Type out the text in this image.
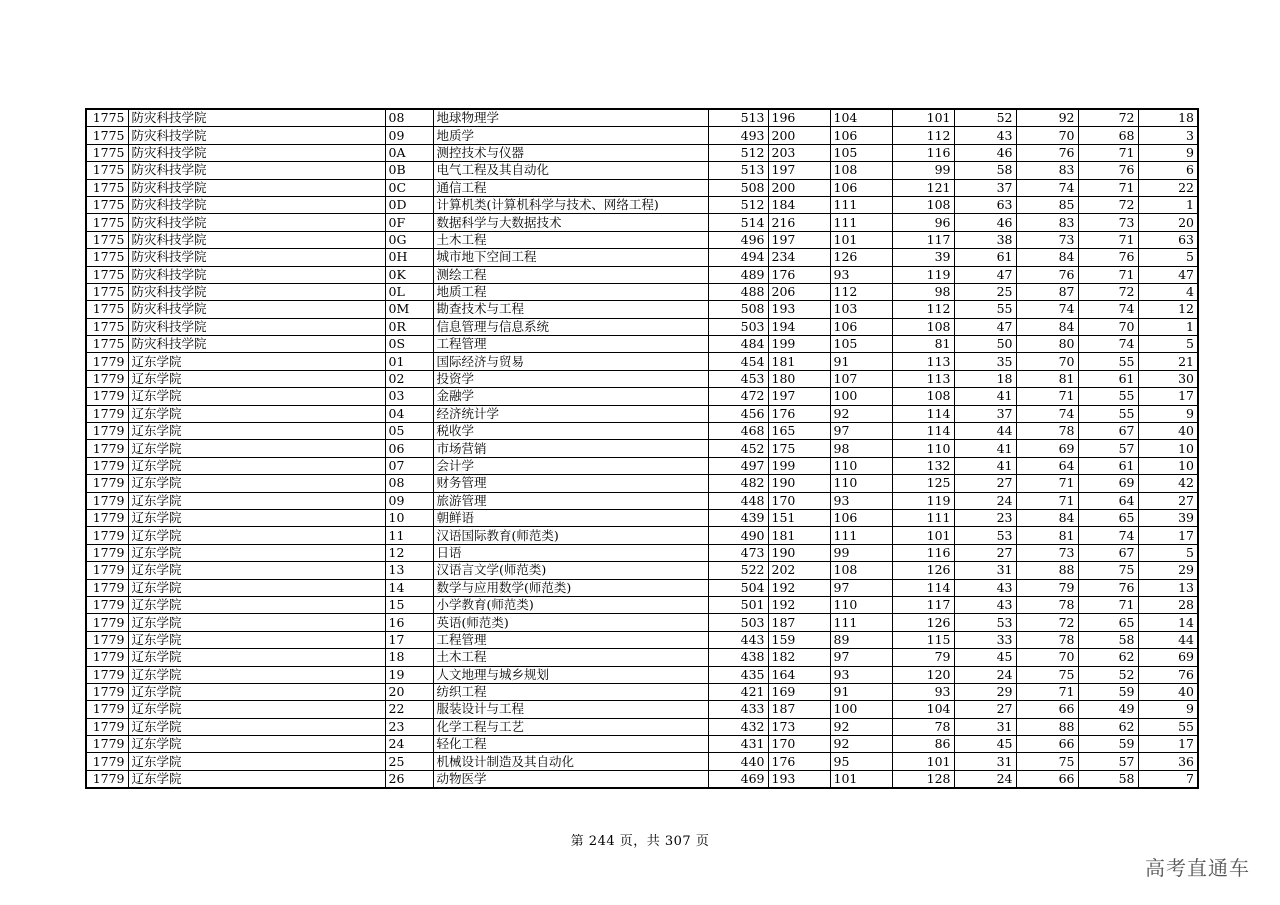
1775	防灾科技学院	08	地球物理学	513	196	104	101	52	92	72	18
1775	防灾科技学院	09	地质学	493	200	106	112	43	70	68	3
1775	防灾科技学院	0A	测控技术与仪器	512	203	105	116	46	76	71	9
1775	防灾科技学院	0B	电气工程及其自动化	513	197	108	99	58	83	76	6
1775	防灾科技学院	0C	通信工程	508	200	106	121	37	74	71	22
1775	防灾科技学院	0D	计算机类(计算机科学与技术、网络工程)	512	184	111	108	63	85	72	1
1775	防灾科技学院	0F	数据科学与大数据技术	514	216	111	96	46	83	73	20
1775	防灾科技学院	0G	土木工程	496	197	101	117	38	73	71	63
1775	防灾科技学院	0H	城市地下空间工程	494	234	126	39	61	84	76	5
1775	防灾科技学院	0K	测绘工程	489	176	93	119	47	76	71	47
1775	防灾科技学院	0L	地质工程	488	206	112	98	25	87	72	4
1775	防灾科技学院	0M	勘查技术与工程	508	193	103	112	55	74	74	12
1775	防灾科技学院	0R	信息管理与信息系统	503	194	106	108	47	84	70	1
1775	防灾科技学院	0S	工程管理	484	199	105	81	50	80	74	5
1779	辽东学院	01	国际经济与贸易	454	181	91	113	35	70	55	21
1779	辽东学院	02	投资学	453	180	107	113	18	81	61	30
1779	辽东学院	03	金融学	472	197	100	108	41	71	55	17
1779	辽东学院	04	经济统计学	456	176	92	114	37	74	55	9
1779	辽东学院	05	税收学	468	165	97	114	44	78	67	40
1779	辽东学院	06	市场营销	452	175	98	110	41	69	57	10
1779	辽东学院	07	会计学	497	199	110	132	41	64	61	10
1779	辽东学院	08	财务管理	482	190	110	125	27	71	69	42
1779	辽东学院	09	旅游管理	448	170	93	119	24	71	64	27
1779	辽东学院	10	朝鲜语	439	151	106	111	23	84	65	39
1779	辽东学院	11	汉语国际教育(师范类)	490	181	111	101	53	81	74	17
1779	辽东学院	12	日语	473	190	99	116	27	73	67	5
1779	辽东学院	13	汉语言文学(师范类)	522	202	108	126	31	88	75	29
1779	辽东学院	14	数学与应用数学(师范类)	504	192	97	114	43	79	76	13
1779	辽东学院	15	小学教育(师范类)	501	192	110	117	43	78	71	28
1779	辽东学院	16	英语(师范类)	503	187	111	126	53	72	65	14
1779	辽东学院	17	工程管理	443	159	89	115	33	78	58	44
1779	辽东学院	18	土木工程	438	182	97	79	45	70	62	69
1779	辽东学院	19	人文地理与城乡规划	435	164	93	120	24	75	52	76
1779	辽东学院	20	纺织工程	421	169	91	93	29	71	59	40
1779	辽东学院	22	服装设计与工程	433	187	100	104	27	66	49	9
1779	辽东学院	23	化学工程与工艺	432	173	92	78	31	88	62	55
1779	辽东学院	24	轻化工程	431	170	92	86	45	66	59	17
1779	辽东学院	25	机械设计制造及其自动化	440	176	95	101	31	75	57	36
1779	辽东学院	26	动物医学	469	193	101	128	24	66	58	7
第 244 页，共 307 页
高考直通车
